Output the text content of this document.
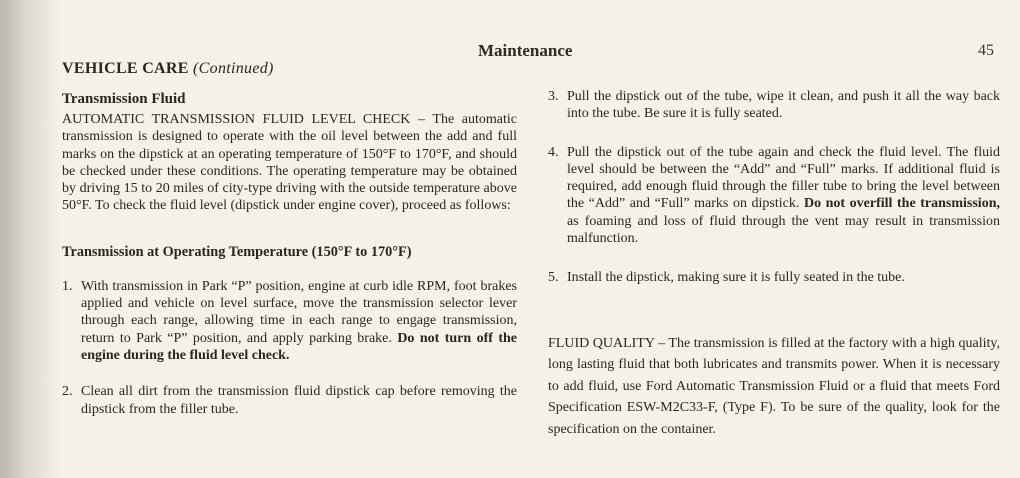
Maintenance	45
VEHICLE CARE (Continued)
Transmission Fluid

AUTOMATIC TRANSMISSION FLUID LEVEL CHECK – The automatic transmission is designed to operate with the oil level between the add and full marks on the dipstick at an operating temperature of 150°F to 170°F, and should be checked under these conditions. The operating temperature may be obtained by driving 15 to 20 miles of city-type driving with the outside temperature above 50°F. To check the fluid level (dipstick under engine cover), proceed as follows:

Transmission at Operating Temperature (150°F to 170°F)
1. With transmission in Park “P” position, engine at curb idle RPM, foot brakes applied and vehicle on level surface, move the transmission selector lever through each range, allowing time in each range to engage transmission, return to Park “P” position, and apply parking brake. Do not turn off the engine during the fluid level check.
2. Clean all dirt from the transmission fluid dipstick cap before removing the dipstick from the filler tube.
3. Pull the dipstick out of the tube, wipe it clean, and push it all the way back into the tube. Be sure it is fully seated.
4. Pull the dipstick out of the tube again and check the fluid level. The fluid level should be between the “Add” and “Full” marks. If additional fluid is required, add enough fluid through the filler tube to bring the level between the “Add” and “Full” marks on dipstick. Do not overfill the transmission, as foaming and loss of fluid through the vent may result in transmission malfunction.
5. Install the dipstick, making sure it is fully seated in the tube.

FLUID QUALITY – The transmission is filled at the factory with a high quality, long lasting fluid that both lubricates and transmits power. When it is necessary to add fluid, use Ford Automatic Transmission Fluid or a fluid that meets Ford Specification ESW-M2C33-F, (Type F). To be sure of the quality, look for the specification on the container.
